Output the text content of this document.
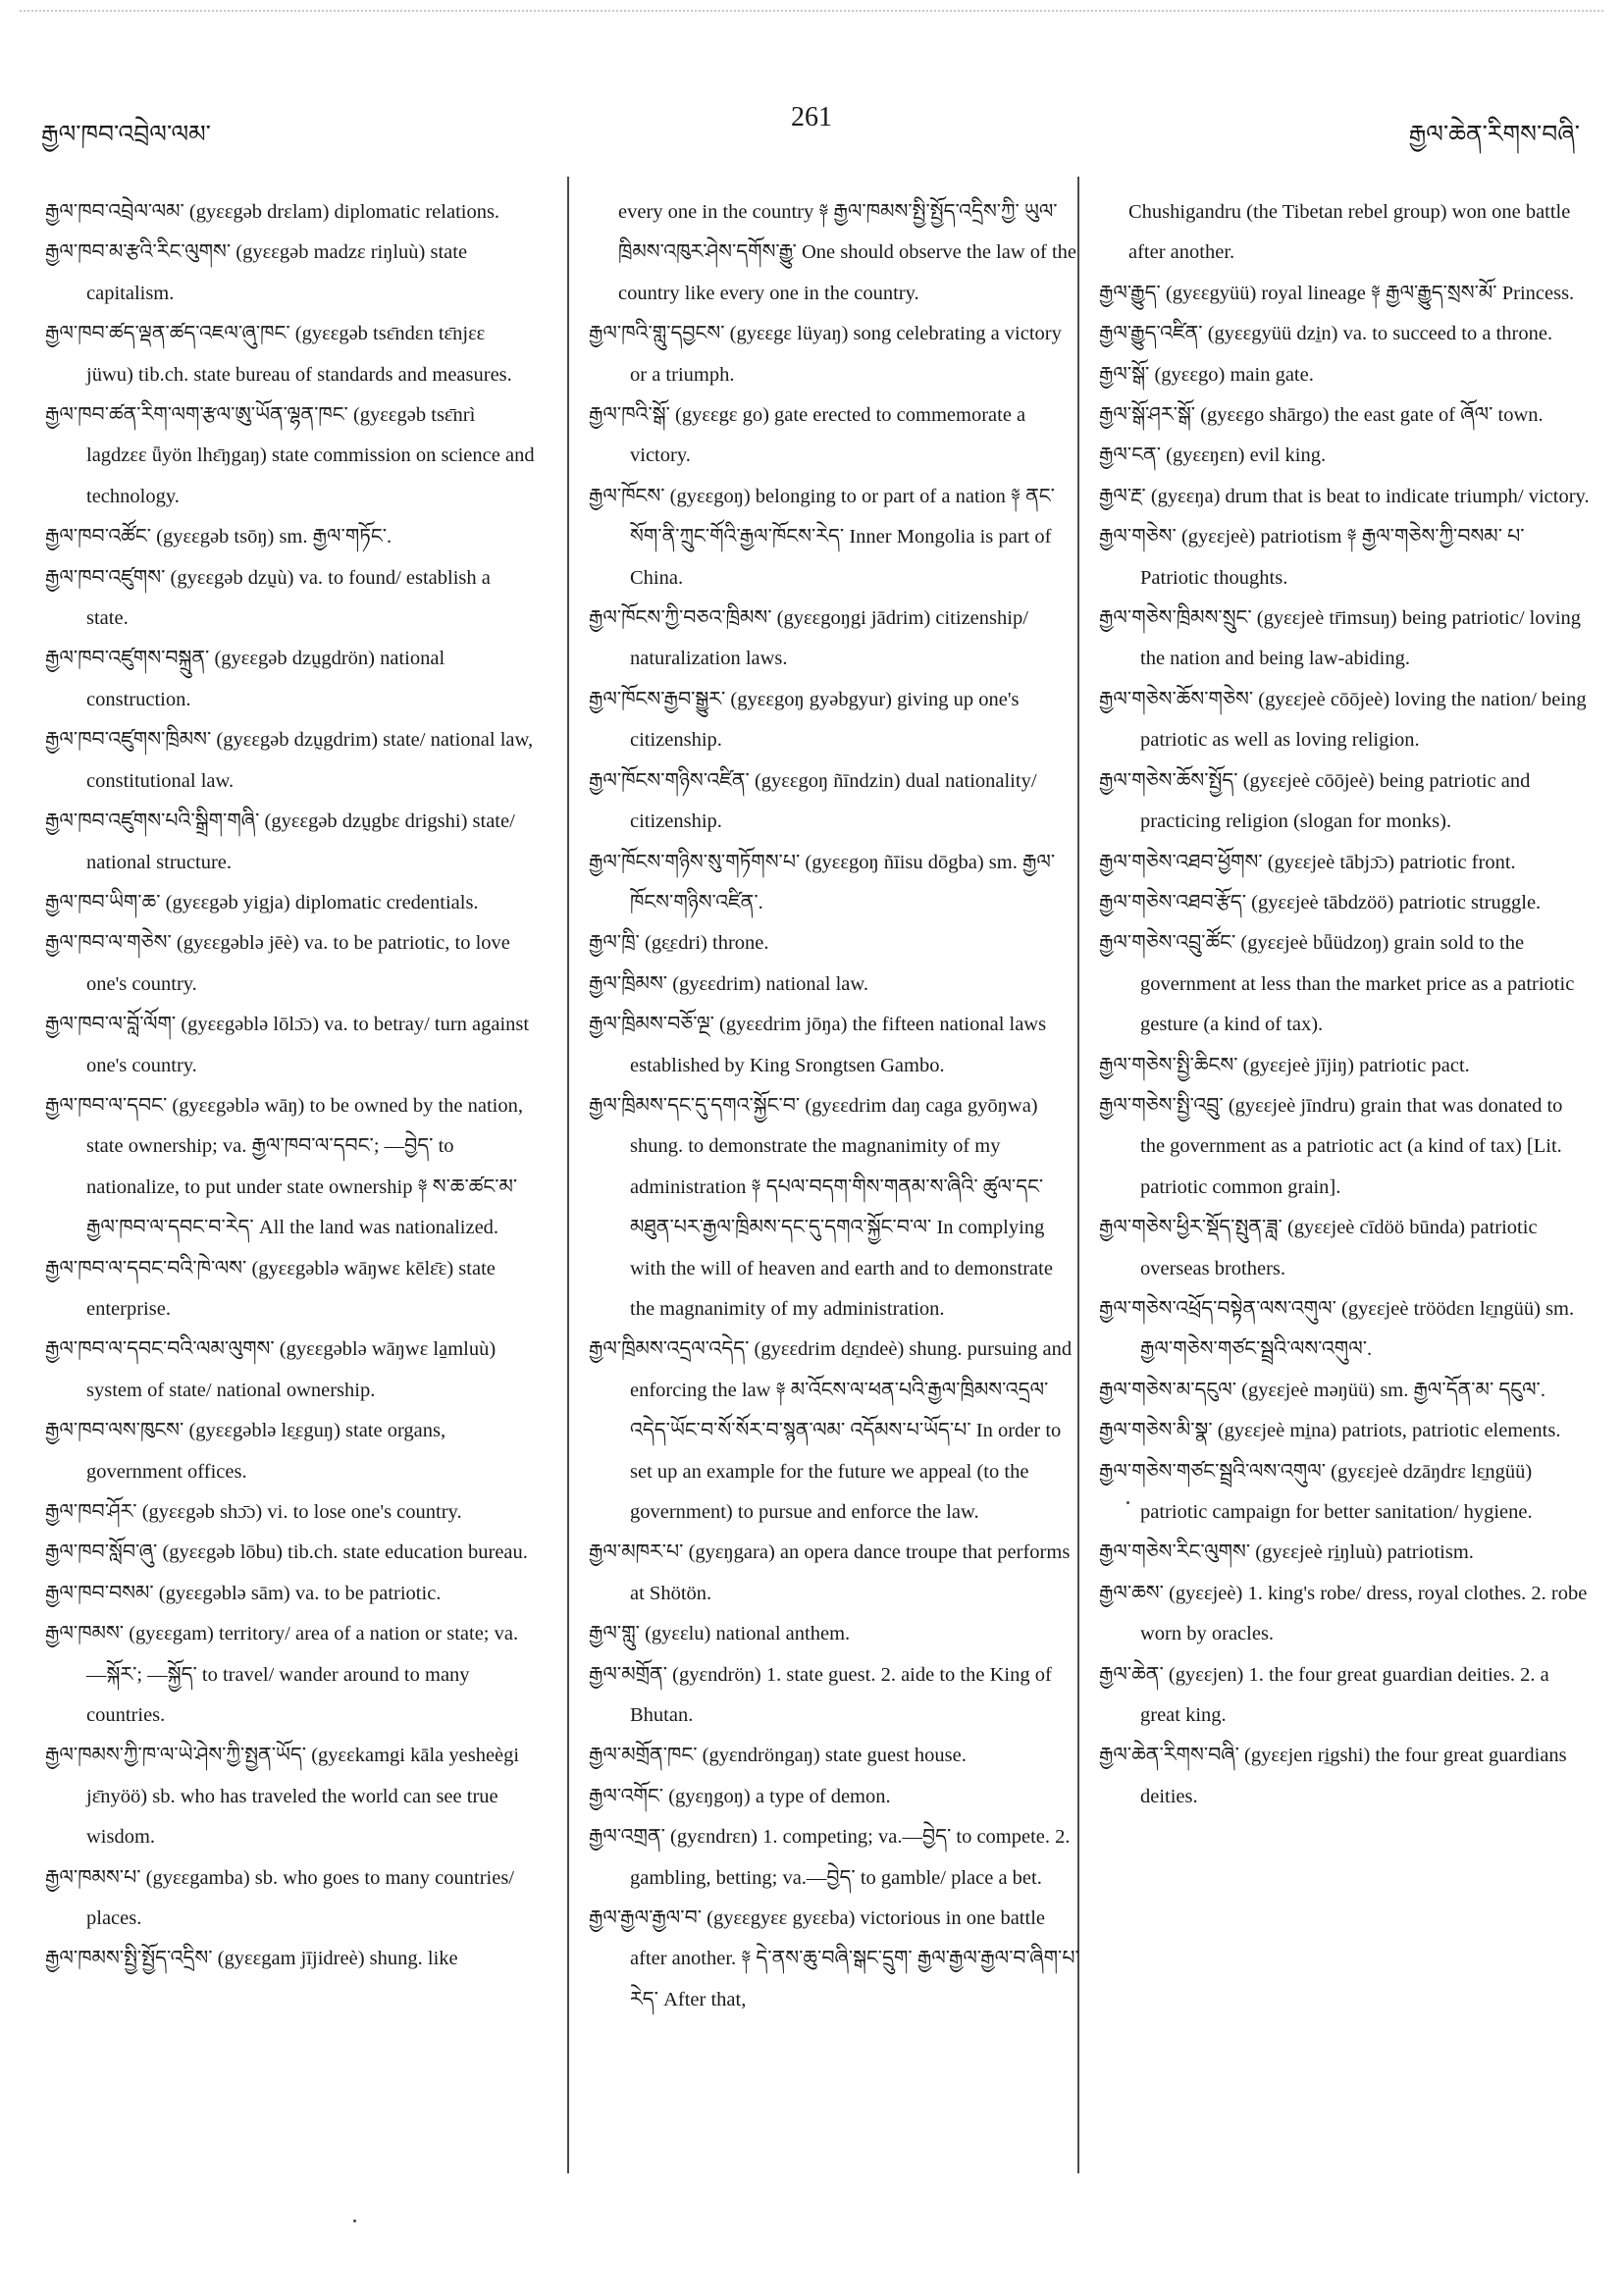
རྒྱལ་ཁབ་འབྲེལ་ལམ་
261
རྒྱལ་ཆེན་རིགས་བཞི་

རྒྱལ་ཁབ་འབྲེལ་ལམ་ (gyɛɛgəb drɛlam) diplomatic relations.

རྒྱལ་ཁབ་མ་རྩའི་རིང་ལུགས་ (gyɛɛgəb madzɛ riŋluù) state capitalism.

རྒྱལ་ཁབ་ཚད་ལྡན་ཚད་འཇལ་ཞུ་ཁང་ (gyɛɛgəb tsɛ̄ndɛn tɛ̄njɛɛ jüwu) tib.ch. state bureau of standards and measures.

རྒྱལ་ཁབ་ཚན་རིག་ལག་རྩལ་ཨུ་ཡོན་ལྷན་ཁང་ (gyɛɛgəb tsɛ̄nrì lagdzɛɛ ǖyön lhɛ̄ŋgaŋ) state commission on science and technology.

རྒྱལ་ཁབ་འཚོང་ (gyɛɛgəb tsōŋ) sm. རྒྱལ་གཏོང་.

རྒྱལ་ཁབ་འཛུགས་ (gyɛɛgəb dzṵù) va. to found/ establish a state.

རྒྱལ་ཁབ་འཛུགས་བསྐྲུན་ (gyɛɛgəb dzṵgdrön) national construction.

རྒྱལ་ཁབ་འཛུགས་ཁྲིམས་ (gyɛɛgəb dzṵgdrim) state/ national law, constitutional law.

རྒྱལ་ཁབ་འཛུགས་པའི་སྒྲིག་གཞི་ (gyɛɛgəb dzṵgbɛ drigshi) state/ national structure.

རྒྱལ་ཁབ་ཡིག་ཆ་ (gyɛɛgəb yigja) diplomatic credentials.

རྒྱལ་ཁབ་ལ་གཅེས་ (gyɛɛgəblə jēè) va. to be patriotic, to love one's country.

རྒྱལ་ཁབ་ལ་བློ་ལོག་ (gyɛɛgəblə lōlɔ̄ɔ) va. to betray/ turn against one's country.

རྒྱལ་ཁབ་ལ་དབང་ (gyɛɛgəblə wāŋ) to be owned by the nation, state ownership; va. རྒྱལ་ཁབ་ལ་དབང་; —བྱེད་ to nationalize, to put under state ownership ༈ ས་ཆ་ཚང་མ་རྒྱལ་ཁབ་ལ་དབང་བ་རེད་ All the land was nationalized.

རྒྱལ་ཁབ་ལ་དབང་བའི་ཁེ་ལས་ (gyɛɛgəblə wāŋwɛ kēlɛ̄ɛ) state enterprise.

རྒྱལ་ཁབ་ལ་དབང་བའི་ལམ་ལུགས་ (gyɛɛgəblə wāŋwɛ la̱mluù) system of state/ national ownership.

རྒྱལ་ཁབ་ལས་ཁུངས་ (gyɛɛgəblə lɛ̱ɛguŋ) state organs, government offices.

རྒྱལ་ཁབ་ཤོར་ (gyɛɛgəb shɔ̄ɔ) vi. to lose one's country.

རྒྱལ་ཁབ་སློབ་ཞུ་ (gyɛɛgəb lōbu) tib.ch. state education bureau.

རྒྱལ་ཁབ་བསམ་ (gyɛɛgəblə sām) va. to be patriotic.

རྒྱལ་ཁམས་ (gyɛɛgam) territory/ area of a nation or state; va.—སྐོར་; —སྐྱོད་ to travel/ wander around to many countries.

རྒྱལ་ཁམས་ཀྱི་ཁ་ལ་ཡེ་ཤེས་ཀྱི་སྤྱན་ཡོད་ (gyɛɛkamgi kāla yesheègi jɛ̄nyöö) sb. who has traveled the world can see true wisdom.

རྒྱལ་ཁམས་པ་ (gyɛɛgamba) sb. who goes to many countries/ places.

རྒྱལ་ཁམས་སྤྱི་སྤྱོད་འདྲིས་ (gyɛɛgam jījidreè) shung. like

every one in the country ༈ རྒྱལ་ཁམས་སྤྱི་སྤྱོད་འདྲིས་ཀྱི་ ཡུལ་ཁྲིམས་འཁུར་ཤེས་དགོས་རྒྱུ་ One should observe the law of the country like every one in the country.

རྒྱལ་ཁའི་གླུ་དབྱངས་ (gyɛɛgɛ lüyaŋ) song celebrating a victory or a triumph.

རྒྱལ་ཁའི་སྒོ་ (gyɛɛgɛ go) gate erected to commemorate a victory.

རྒྱལ་ཁོངས་ (gyɛɛgoŋ) belonging to or part of a nation ༈ ནང་སོག་ནི་ཀྲུང་གོའི་རྒྱལ་ཁོངས་རེད་ Inner Mongolia is part of China.

རྒྱལ་ཁོངས་ཀྱི་བཅའ་ཁྲིམས་ (gyɛɛgoŋgi jādrim) citizenship/ naturalization laws.

རྒྱལ་ཁོངས་རྒྱབ་སྒྱུར་ (gyɛɛgoŋ gyəbgyur) giving up one's citizenship.

རྒྱལ་ཁོངས་གཉིས་འཛིན་ (gyɛɛgoŋ ñīndzin) dual nationality/ citizenship.

རྒྱལ་ཁོངས་གཉིས་སུ་གཏོགས་པ་ (gyɛɛgoŋ ñīisu dōgba) sm. རྒྱལ་ཁོངས་གཉིས་འཛིན་.

རྒྱལ་ཁྲི་ (gɛ̱ɛdri) throne.

རྒྱལ་ཁྲིམས་ (gyɛɛdrim) national law.

རྒྱལ་ཁྲིམས་བཅོ་ལྔ་ (gyɛɛdrim jōŋa) the fifteen national laws established by King Srongtsen Gambo.

རྒྱལ་ཁྲིམས་དང་དུ་དགའ་སྐྱོང་བ་ (gyɛɛdrim daŋ caga gyōŋwa) shung. to demonstrate the magnanimity of my administration ༈ དཔལ་བདག་གིས་གནམ་ས་ཞིའི་ ཚུལ་དང་མཐུན་པར་རྒྱལ་ཁྲིམས་དང་དུ་དགའ་སྐྱོང་བ་ལ་ In complying with the will of heaven and earth and to demonstrate the magnanimity of my administration.

རྒྱལ་ཁྲིམས་འདྲལ་འདེད་ (gyɛɛdrim dɛ̱ndeè) shung. pursuing and enforcing the law ༈ མ་འོངས་ལ་ཕན་པའི་རྒྱལ་ཁྲིམས་འདྲལ་འདེད་ཡོང་བ་སོ་སོར་བ་སྙན་ལམ་ འདོམས་པ་ཡོད་པ་ In order to set up an example for the future we appeal (to the government) to pursue and enforce the law.

རྒྱལ་མཁར་པ་ (gyɛŋgara) an opera dance troupe that performs at Shötön.

རྒྱལ་གླུ་ (gyɛɛlu) national anthem.

རྒྱལ་མགྲོན་ (gyɛndrön) 1. state guest. 2. aide to the King of Bhutan.

རྒྱལ་མགྲོན་ཁང་ (gyɛndröngaŋ) state guest house.

རྒྱལ་འགོང་ (gyɛŋgoŋ) a type of demon.

རྒྱལ་འགྲན་ (gyɛndrɛn) 1. competing; va.—བྱེད་ to compete. 2. gambling, betting; va.—བྱེད་ to gamble/ place a bet.

རྒྱལ་རྒྱལ་རྒྱལ་བ་ (gyɛɛgyɛɛ gyɛɛba) victorious in one battle after another. ༈ དེ་ནས་ཆུ་བཞི་སྒང་དྲུག་ རྒྱལ་རྒྱལ་རྒྱལ་བ་ཞིག་པ་རེད་ After that,

Chushigandru (the Tibetan rebel group) won one battle after another.

རྒྱལ་རྒྱུད་ (gyɛɛgyüü) royal lineage ༈ རྒྱལ་རྒྱུད་སྲས་མོ་ Princess.

རྒྱལ་རྒྱུད་འཛིན་ (gyɛɛgyüü dzi̱n) va. to succeed to a throne.

རྒྱལ་སྒོ་ (gyɛɛgo) main gate.

རྒྱལ་སྒོ་ཤར་སྒོ་ (gyɛɛgo shārgo) the east gate of ཞོལ་ town.

རྒྱལ་ངན་ (gyɛɛŋɛn) evil king.

རྒྱལ་རྔ་ (gyɛɛŋa) drum that is beat to indicate triumph/ victory.

རྒྱལ་གཅེས་ (gyɛɛjeè) patriotism ༈ རྒྱལ་གཅེས་ཀྱི་བསམ་ པ་ Patriotic thoughts.

རྒྱལ་གཅེས་ཁྲིམས་སྲུང་ (gyɛɛjeè tr̄imsuŋ) being patriotic/ loving the nation and being law-abiding.

རྒྱལ་གཅེས་ཆོས་གཅེས་ (gyɛɛjeè cōōjeè) loving the nation/ being patriotic as well as loving religion.

རྒྱལ་གཅེས་ཆོས་སྤྱོད་ (gyɛɛjeè cōōjeè) being patriotic and practicing religion (slogan for monks).

རྒྱལ་གཅེས་འཐབ་ཕྱོགས་ (gyɛɛjeè tābjɔ̄ɔ) patriotic front.

རྒྱལ་གཅེས་འཐབ་རྩོད་ (gyɛɛjeè tābdzöö) patriotic struggle.

རྒྱལ་གཅེས་འབྲུ་ཚོང་ (gyɛɛjeè bǖüdzoŋ) grain sold to the government at less than the market price as a patriotic gesture (a kind of tax).

རྒྱལ་གཅེས་སྤྱི་ཆིངས་ (gyɛɛjeè jījiŋ) patriotic pact.

རྒྱལ་གཅེས་སྤྱི་འབྲུ་ (gyɛɛjeè jīndru) grain that was donated to the government as a patriotic act (a kind of tax) [Lit. patriotic common grain].

རྒྱལ་གཅེས་ཕྱིར་སྡོད་སྤུན་ཟླ་ (gyɛɛjeè cīdöö būnda) patriotic overseas brothers.

རྒྱལ་གཅེས་འཕྲོད་བསྟེན་ལས་འགུལ་ (gyɛɛjeè tröödɛn lɛ̱ngüü) sm. རྒྱལ་གཅེས་གཙང་སྦྲའི་ལས་འགུལ་.

རྒྱལ་གཅེས་མ་དངུལ་ (gyɛɛjeè məŋüü) sm. རྒྱལ་དོན་མ་ དངུལ་.

རྒྱལ་གཅེས་མི་སྣ་ (gyɛɛjeè mi̱na) patriots, patriotic elements.

རྒྱལ་གཅེས་གཙང་སྦྲའི་ལས་འགུལ་ (gyɛɛjeè dzāŋdrɛ lɛ̱ngüü) patriotic campaign for better sanitation/ hygiene.

རྒྱལ་གཅེས་རིང་ལུགས་ (gyɛɛjeè ri̱ŋluù) patriotism.

རྒྱལ་ཆས་ (gyɛɛjeè) 1. king's robe/ dress, royal clothes. 2. robe worn by oracles.

རྒྱལ་ཆེན་ (gyɛɛjen) 1. the four great guardian deities. 2. a great king.

རྒྱལ་ཆེན་རིགས་བཞི་ (gyɛɛjen ri̱gshi) the four great guardians deities.
